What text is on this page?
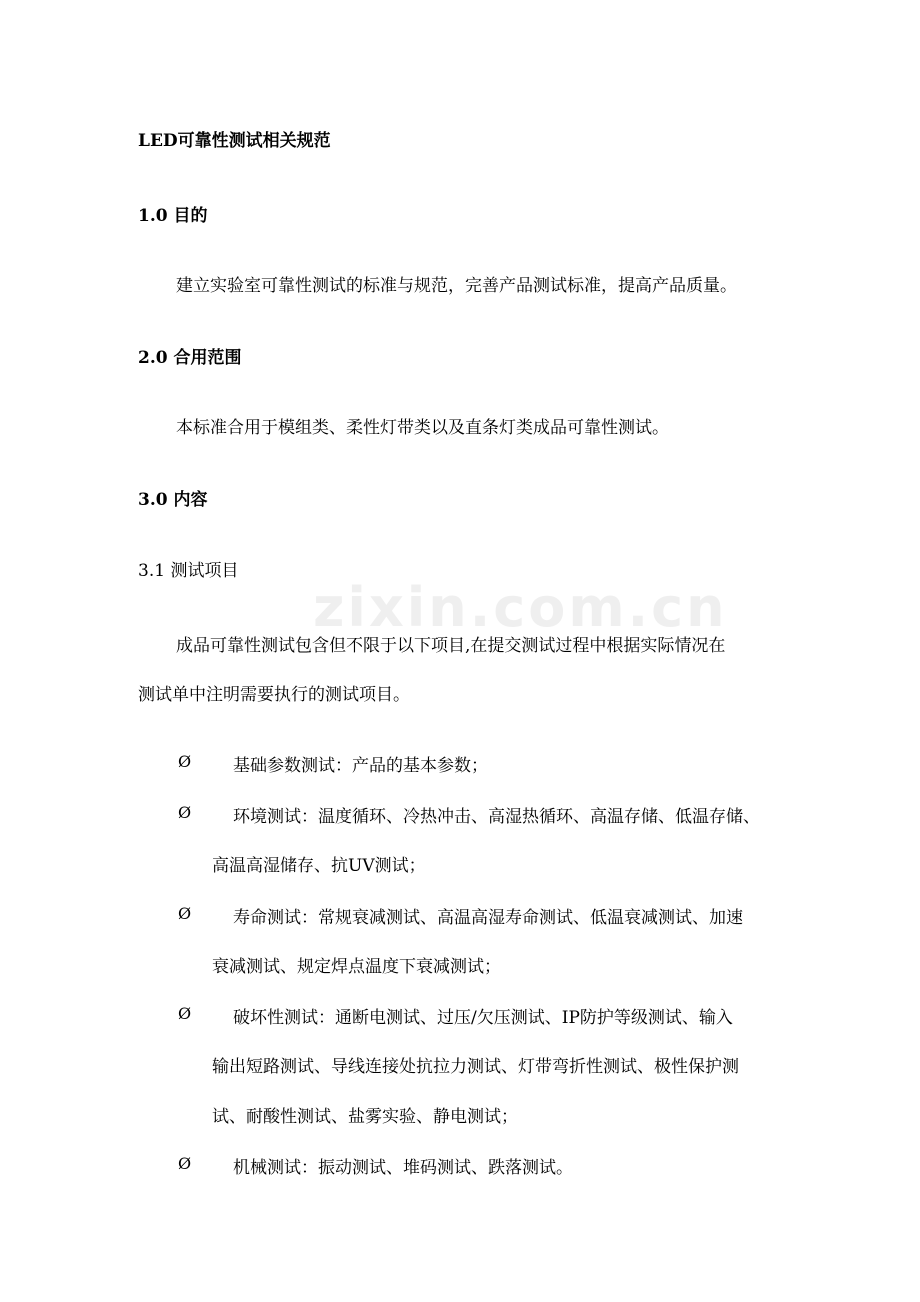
zixin.com.cn
LED可靠性测试相关规范
1.0 目的
建立实验室可靠性测试的标准与规范，完善产品测试标准，提高产品质量。
2.0 合用范围
本标准合用于模组类、柔性灯带类以及直条灯类成品可靠性测试。
3.0 内容
3.1 测试项目
成品可靠性测试包含但不限于以下项目,在提交测试过程中根据实际情况在
测试单中注明需要执行的测试项目。
Ø 基础参数测试：产品的基本参数；
Ø 环境测试：温度循环、冷热冲击、高湿热循环、高温存储、低温存储、
高温高湿储存、抗UV测试；
Ø 寿命测试：常规衰减测试、高温高湿寿命测试、低温衰减测试、加速
衰减测试、规定焊点温度下衰减测试；
Ø 破坏性测试：通断电测试、过压/欠压测试、IP防护等级测试、输入
输出短路测试、导线连接处抗拉力测试、灯带弯折性测试、极性保护测
试、耐酸性测试、盐雾实验、静电测试；
Ø 机械测试：振动测试、堆码测试、跌落测试。
